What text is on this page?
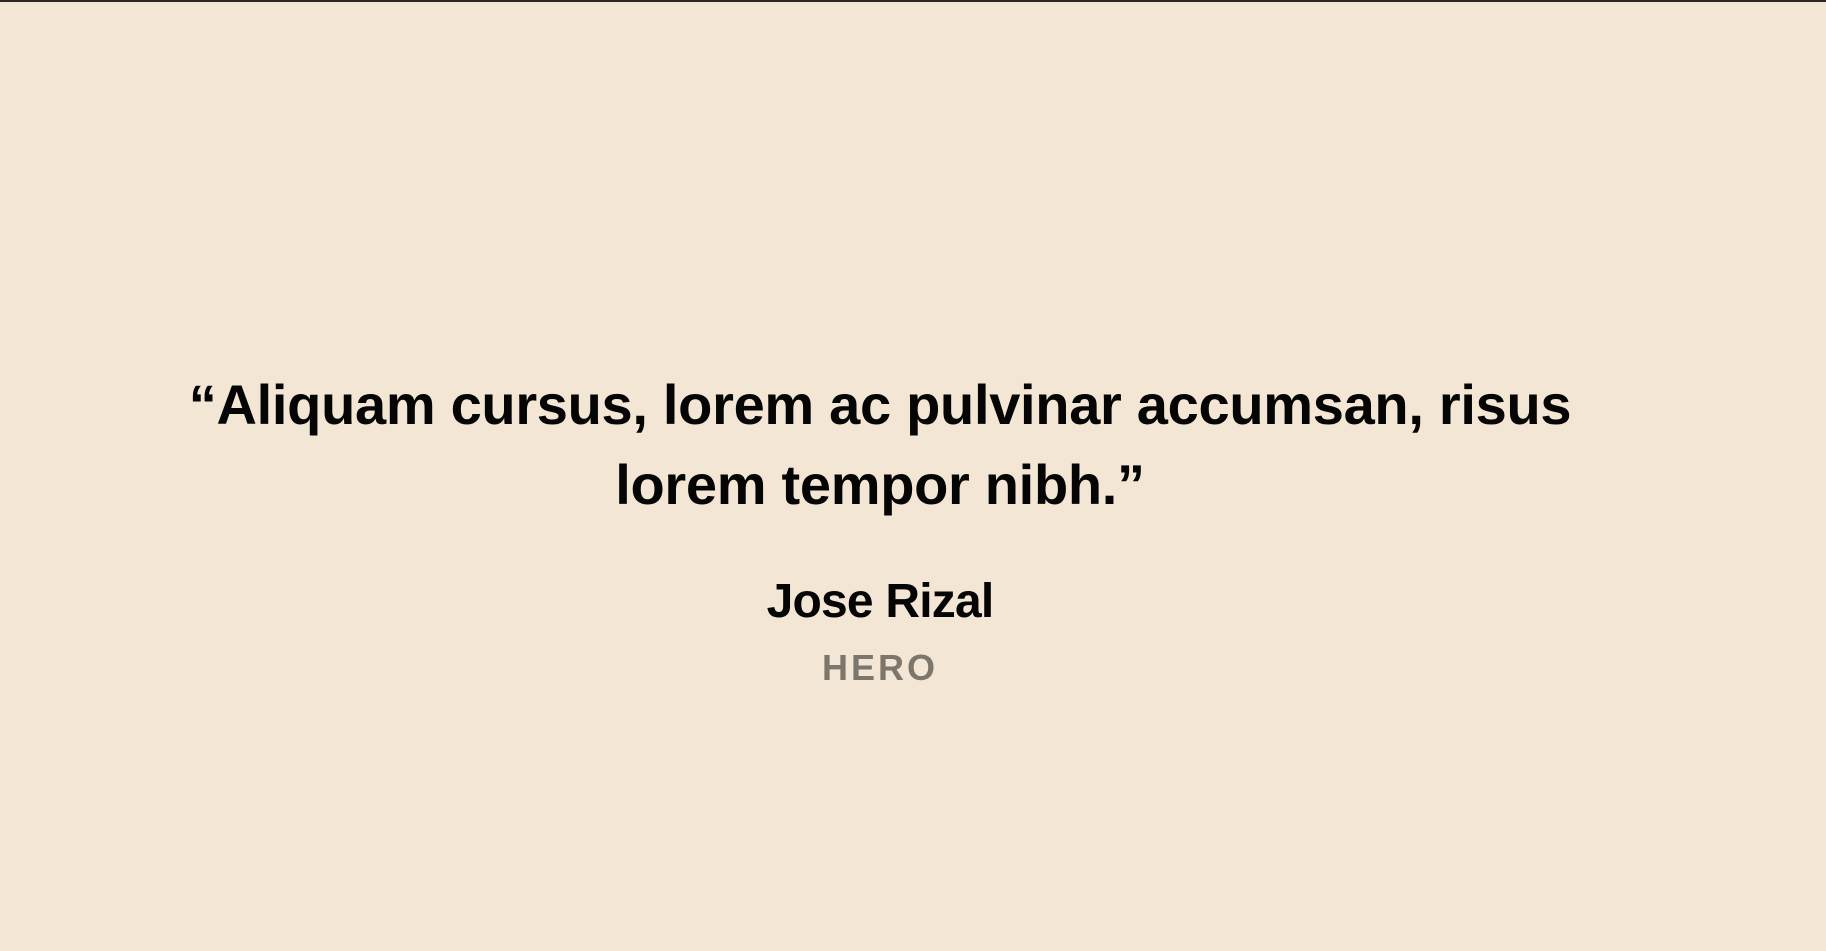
“Aliquam cursus, lorem ac pulvinar accumsan, risus lorem tempor nibh.”
Jose Rizal
HERO
